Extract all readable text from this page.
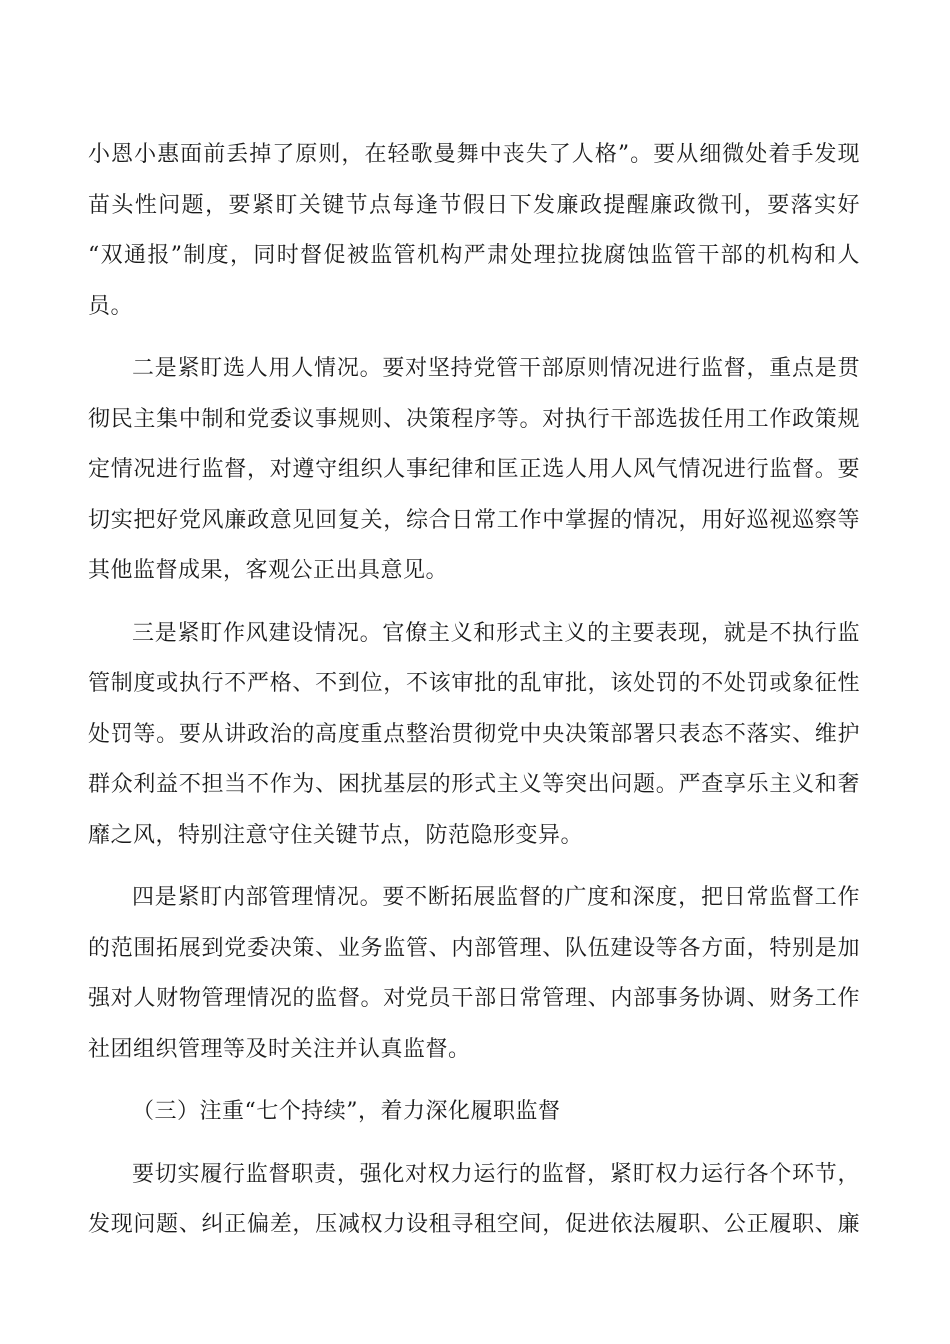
小恩小惠面前丢掉了原则，在轻歌曼舞中丧失了人格”。要从细微处着手发现
苗头性问题，要紧盯关键节点每逢节假日下发廉政提醒廉政微刊，要落实好
“双通报”制度，同时督促被监管机构严肃处理拉拢腐蚀监管干部的机构和人
员。
二是紧盯选人用人情况。要对坚持党管干部原则情况进行监督，重点是贯
彻民主集中制和党委议事规则、决策程序等。对执行干部选拔任用工作政策规
定情况进行监督，对遵守组织人事纪律和匡正选人用人风气情况进行监督。要
切实把好党风廉政意见回复关，综合日常工作中掌握的情况，用好巡视巡察等
其他监督成果，客观公正出具意见。
三是紧盯作风建设情况。官僚主义和形式主义的主要表现，就是不执行监
管制度或执行不严格、不到位，不该审批的乱审批，该处罚的不处罚或象征性
处罚等。要从讲政治的高度重点整治贯彻党中央决策部署只表态不落实、维护
群众利益不担当不作为、困扰基层的形式主义等突出问题。严查享乐主义和奢
靡之风，特别注意守住关键节点，防范隐形变异。
四是紧盯内部管理情况。要不断拓展监督的广度和深度，把日常监督工作
的范围拓展到党委决策、业务监管、内部管理、队伍建设等各方面，特别是加
强对人财物管理情况的监督。对党员干部日常管理、内部事务协调、财务工作
社团组织管理等及时关注并认真监督。
（三）注重“七个持续”，着力深化履职监督
要切实履行监督职责，强化对权力运行的监督，紧盯权力运行各个环节，
发现问题、纠正偏差，压减权力设租寻租空间，促进依法履职、公正履职、廉
